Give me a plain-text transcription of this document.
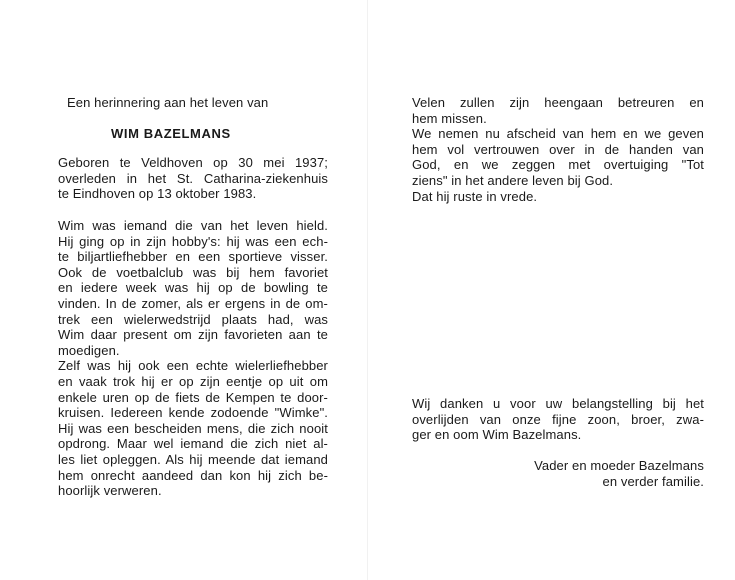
Een herinnering aan het leven van
WIM BAZELMANS
Geboren te Veldhoven op 30 mei 1937;
overleden in het St. Catharina-ziekenhuis
te Eindhoven op 13 oktober 1983.
Wim was iemand die van het leven hield.
Hij ging op in zijn hobby's: hij was een ech-
te biljartliefhebber en een sportieve visser.
Ook de voetbalclub was bij hem favoriet
en iedere week was hij op de bowling te
vinden. In de zomer, als er ergens in de om-
trek een wielerwedstrijd plaats had, was
Wim daar present om zijn favorieten aan te
moedigen.
Zelf was hij ook een echte wielerliefhebber
en vaak trok hij er op zijn eentje op uit om
enkele uren op de fiets de Kempen te door-
kruisen. Iedereen kende zodoende "Wimke".
Hij was een bescheiden mens, die zich nooit
opdrong. Maar wel iemand die zich niet al-
les liet opleggen. Als hij meende dat iemand
hem onrecht aandeed dan kon hij zich be-
hoorlijk verweren.
Velen zullen zijn heengaan betreuren en
hem missen.
We nemen nu afscheid van hem en we geven
hem vol vertrouwen over in de handen van
God, en we zeggen met overtuiging "Tot
ziens" in het andere leven bij God.
Dat hij ruste in vrede.
Wij danken u voor uw belangstelling bij het
overlijden van onze fijne zoon, broer, zwa-
ger en oom Wim Bazelmans.
Vader en moeder Bazelmans
en verder familie.
